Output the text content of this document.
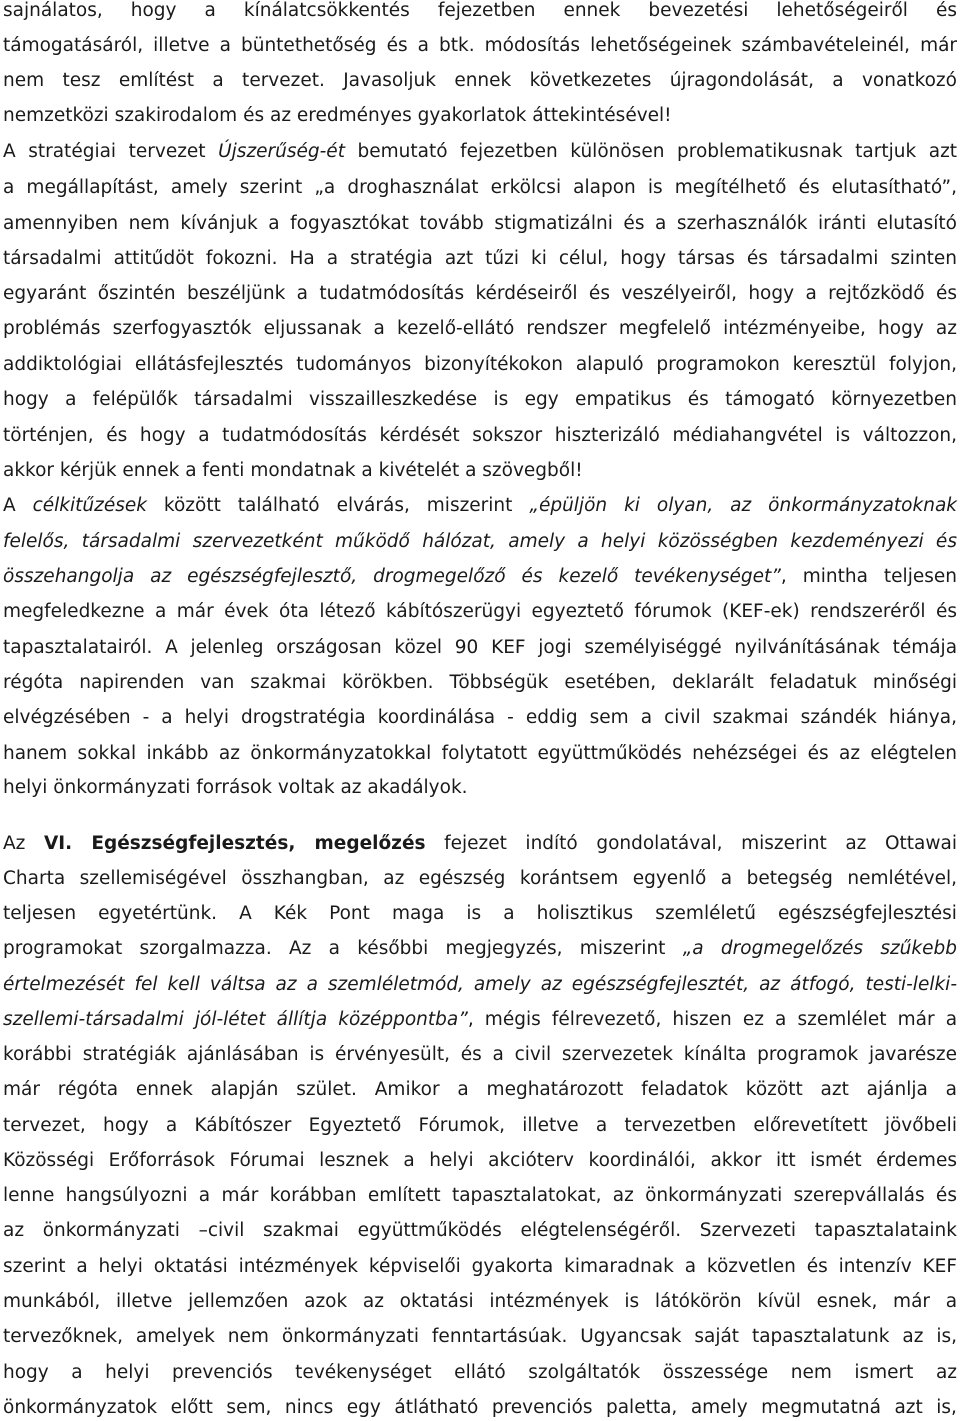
sajnálatos, hogy a kínálatcsökkentés fejezetben ennek bevezetési lehetőségeiről és
támogatásáról, illetve a büntethetőség és a btk. módosítás lehetőségeinek számbavételeinél, már
nem tesz említést a tervezet. Javasoljuk ennek következetes újragondolását, a vonatkozó
nemzetközi szakirodalom és az eredményes gyakorlatok áttekintésével!
A stratégiai tervezet Újszerűség-ét bemutató fejezetben különösen problematikusnak tartjuk azt
a megállapítást, amely szerint „a droghasználat erkölcsi alapon is megítélhető és elutasítható”,
amennyiben nem kívánjuk a fogyasztókat tovább stigmatizálni és a szerhasználók iránti elutasító
társadalmi attitűdöt fokozni. Ha a stratégia azt tűzi ki célul, hogy társas és társadalmi szinten
egyaránt őszintén beszéljünk a tudatmódosítás kérdéseiről és veszélyeiről, hogy a rejtőzködő és
problémás szerfogyasztók eljussanak a kezelő-ellátó rendszer megfelelő intézményeibe, hogy az
addiktológiai ellátásfejlesztés tudományos bizonyítékokon alapuló programokon keresztül folyjon,
hogy a felépülők társadalmi visszailleszkedése is egy empatikus és támogató környezetben
történjen, és hogy a tudatmódosítás kérdését sokszor hiszterizáló médiahangvétel is változzon,
akkor kérjük ennek a fenti mondatnak a kivételét a szövegből!
A célkitűzések között található elvárás, miszerint „épüljön ki olyan, az önkormányzatoknak
felelős, társadalmi szervezetként működő hálózat, amely a helyi közösségben kezdeményezi és
összehangolja az egészségfejlesztő, drogmegelőző és kezelő tevékenységet”, mintha teljesen
megfeledkezne a már évek óta létező kábítószerügyi egyeztető fórumok (KEF-ek) rendszeréről és
tapasztalatairól. A jelenleg országosan közel 90 KEF jogi személyiséggé nyilvánításának témája
régóta napirenden van szakmai körökben. Többségük esetében, deklarált feladatuk minőségi
elvégzésében - a helyi drogstratégia koordinálása - eddig sem a civil szakmai szándék hiánya,
hanem sokkal inkább az önkormányzatokkal folytatott együttműködés nehézségei és az elégtelen
helyi önkormányzati források voltak az akadályok.
Az VI. Egészségfejlesztés, megelőzés fejezet indító gondolatával, miszerint az Ottawai
Charta szellemiségével összhangban, az egészség korántsem egyenlő a betegség nemlétével,
teljesen egyetértünk. A Kék Pont maga is a holisztikus szemléletű egészségfejlesztési
programokat szorgalmazza. Az a későbbi megjegyzés, miszerint „a drogmegelőzés szűkebb
értelmezését fel kell váltsa az a szemléletmód, amely az egészségfejlesztét, az átfogó, testi-lelki-
szellemi-társadalmi jól-létet állítja középpontba”, mégis félrevezető, hiszen ez a szemlélet már a
korábbi stratégiák ajánlásában is érvényesült, és a civil szervezetek kínálta programok javarésze
már régóta ennek alapján szület. Amikor a meghatározott feladatok között azt ajánlja a
tervezet, hogy a Kábítószer Egyeztető Fórumok, illetve a tervezetben előrevetített jövőbeli
Közösségi Erőforrások Fórumai lesznek a helyi akcióterv koordinálói, akkor itt ismét érdemes
lenne hangsúlyozni a már korábban említett tapasztalatokat, az önkormányzati szerepvállalás és
az önkormányzati –civil szakmai együttműködés elégtelenségéről. Szervezeti tapasztalataink
szerint a helyi oktatási intézmények képviselői gyakorta kimaradnak a közvetlen és intenzív KEF
munkából, illetve jellemzően azok az oktatási intézmények is látókörön kívül esnek, már a
tervezőknek, amelyek nem önkormányzati fenntartásúak. Ugyancsak saját tapasztalatunk az is,
hogy a helyi prevenciós tevékenységet ellátó szolgáltatók összessége nem ismert az
önkormányzatok előtt sem, nincs egy átlátható prevenciós paletta, amely megmutatná azt is,
